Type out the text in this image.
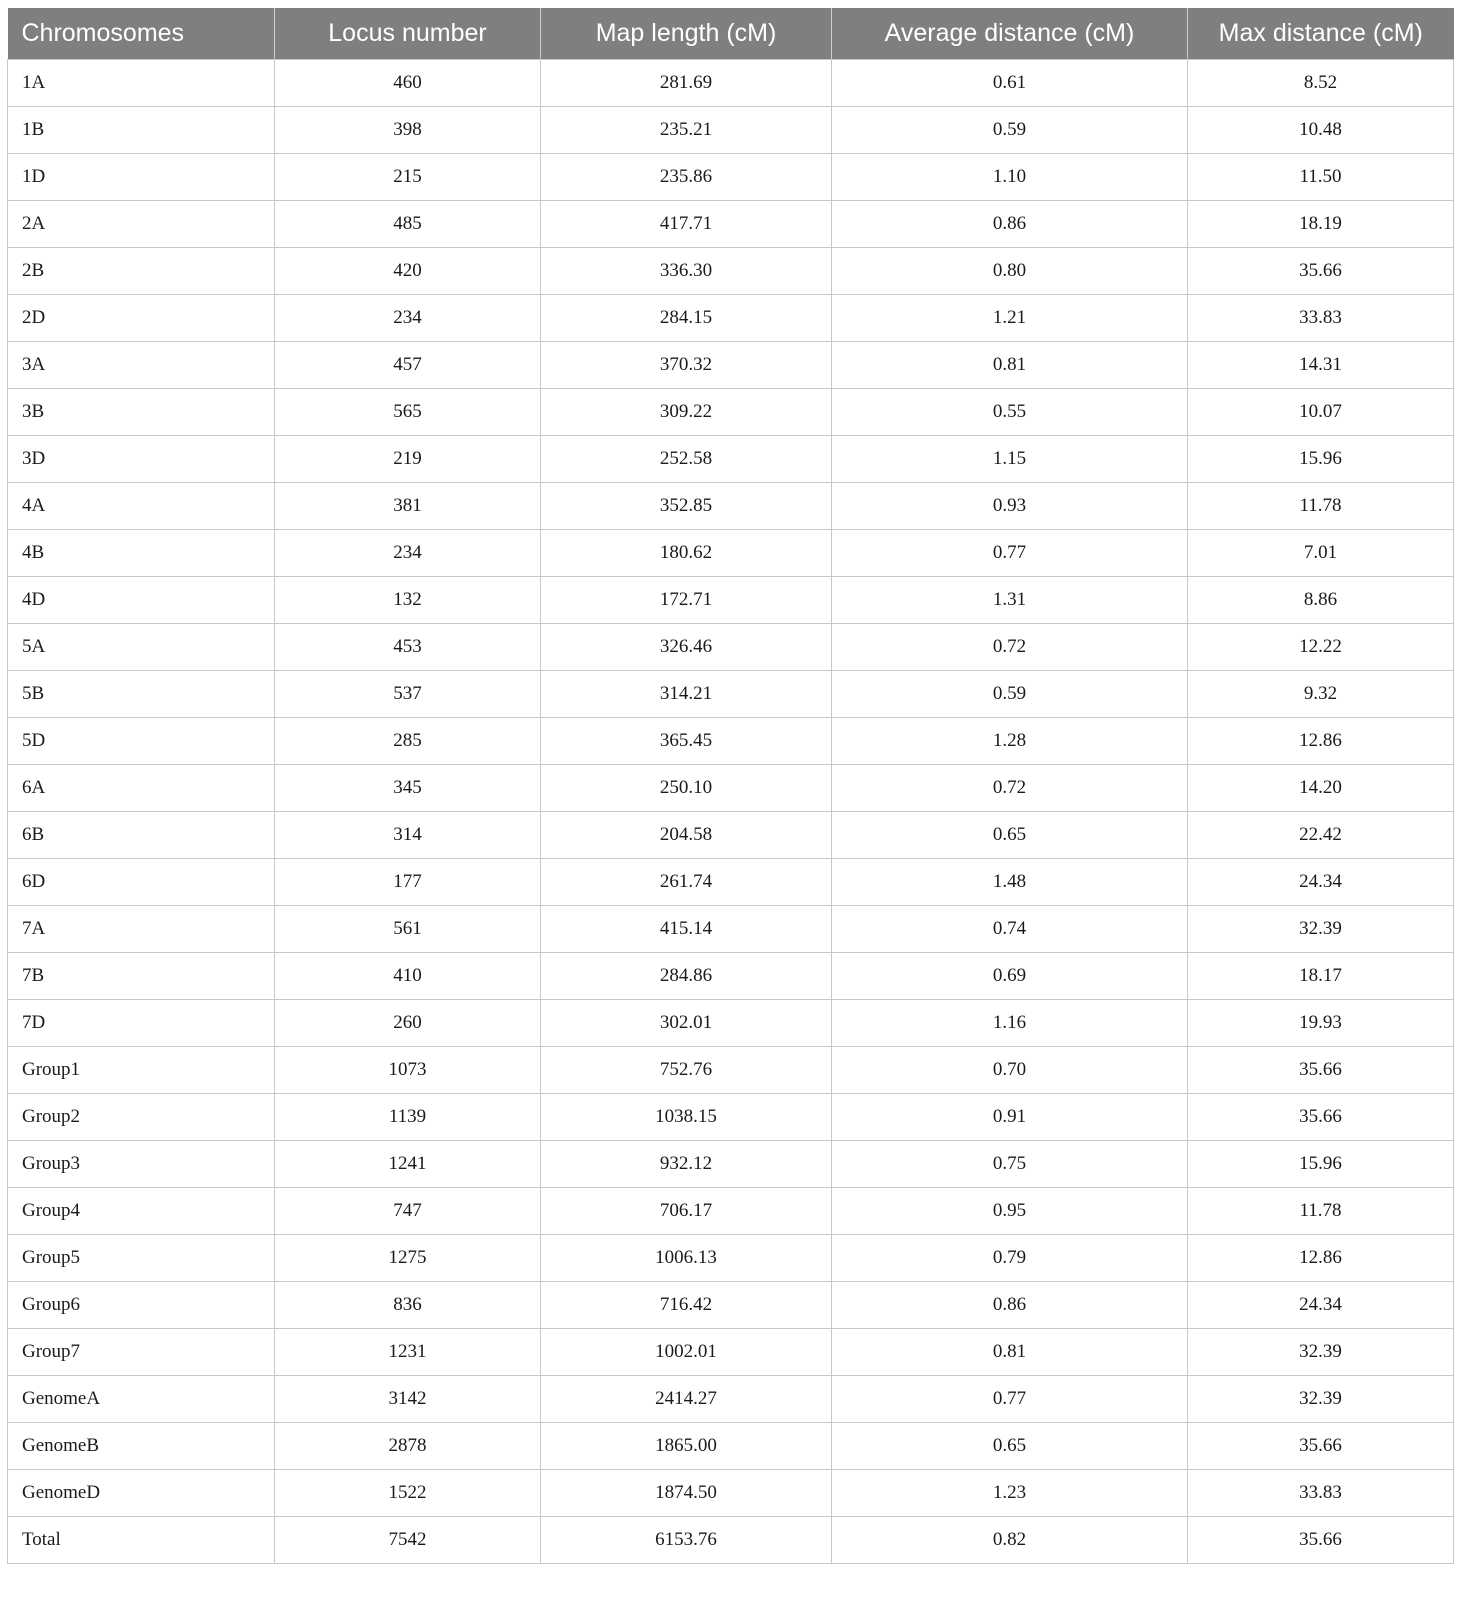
Chromosomes	Locus number	Map length (cM)	Average distance (cM)	Max distance (cM)
1A	460	281.69	0.61	8.52
1B	398	235.21	0.59	10.48
1D	215	235.86	1.10	11.50
2A	485	417.71	0.86	18.19
2B	420	336.30	0.80	35.66
2D	234	284.15	1.21	33.83
3A	457	370.32	0.81	14.31
3B	565	309.22	0.55	10.07
3D	219	252.58	1.15	15.96
4A	381	352.85	0.93	11.78
4B	234	180.62	0.77	7.01
4D	132	172.71	1.31	8.86
5A	453	326.46	0.72	12.22
5B	537	314.21	0.59	9.32
5D	285	365.45	1.28	12.86
6A	345	250.10	0.72	14.20
6B	314	204.58	0.65	22.42
6D	177	261.74	1.48	24.34
7A	561	415.14	0.74	32.39
7B	410	284.86	0.69	18.17
7D	260	302.01	1.16	19.93
Group1	1073	752.76	0.70	35.66
Group2	1139	1038.15	0.91	35.66
Group3	1241	932.12	0.75	15.96
Group4	747	706.17	0.95	11.78
Group5	1275	1006.13	0.79	12.86
Group6	836	716.42	0.86	24.34
Group7	1231	1002.01	0.81	32.39
GenomeA	3142	2414.27	0.77	32.39
GenomeB	2878	1865.00	0.65	35.66
GenomeD	1522	1874.50	1.23	33.83
Total	7542	6153.76	0.82	35.66
